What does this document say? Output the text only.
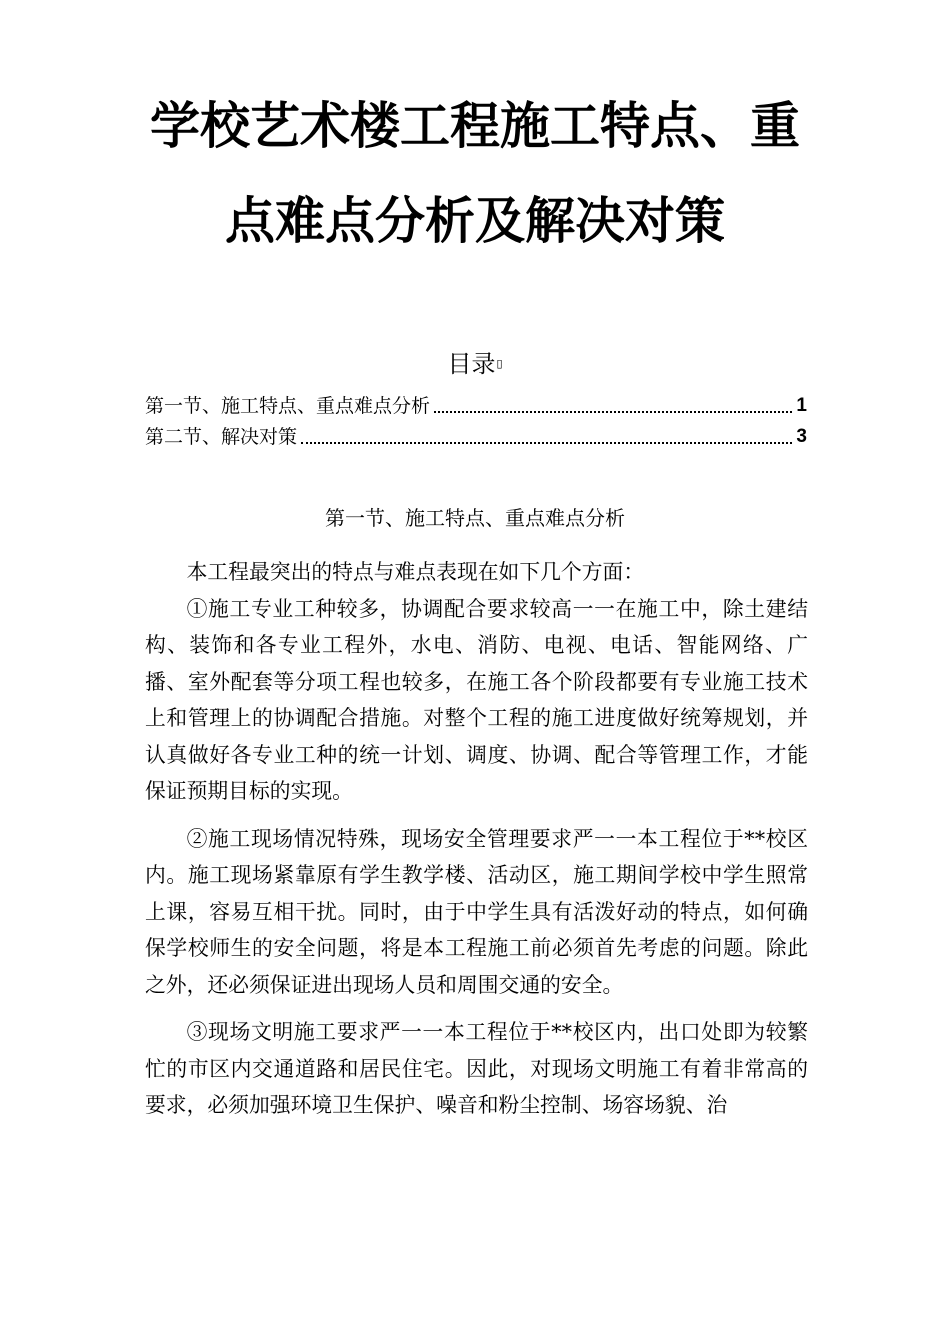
学校艺术楼工程施工特点、重
点难点分析及解决对策
目录▯
第一节、施工特点、重点难点分析	1
第二节、解决对策	3
第一节、施工特点、重点难点分析

本工程最突出的特点与难点表现在如下几个方面：

①施工专业工种较多，协调配合要求较高一一在施工中，除土建结构、装饰和各专业工程外，水电、消防、电视、电话、智能网络、广播、室外配套等分项工程也较多，在施工各个阶段都要有专业施工技术上和管理上的协调配合措施。对整个工程的施工进度做好统筹规划，并认真做好各专业工种的统一计划、调度、协调、配合等管理工作，才能保证预期目标的实现。

②施工现场情况特殊，现场安全管理要求严一一本工程位于**校区内。施工现场紧靠原有学生教学楼、活动区，施工期间学校中学生照常上课，容易互相干扰。同时，由于中学生具有活泼好动的特点，如何确保学校师生的安全问题，将是本工程施工前必须首先考虑的问题。除此之外，还必须保证进出现场人员和周围交通的安全。

③现场文明施工要求严一一本工程位于**校区内，出口处即为较繁忙的市区内交通道路和居民住宅。因此，对现场文明施工有着非常高的要求，必须加强环境卫生保护、噪音和粉尘控制、场容场貌、治
